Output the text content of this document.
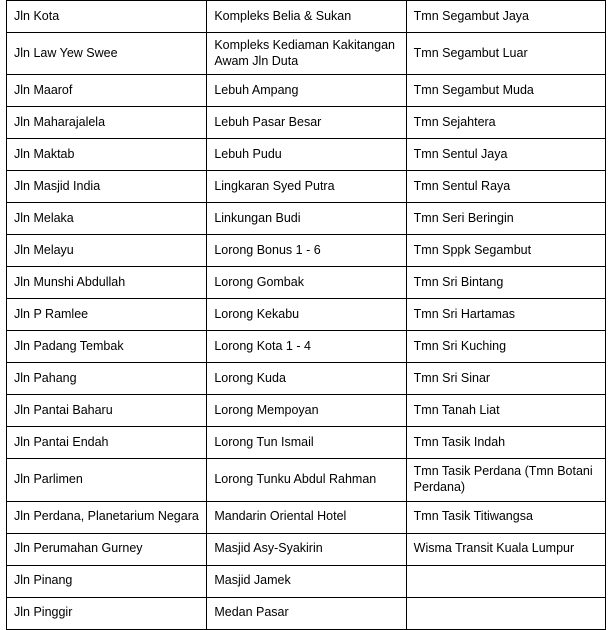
Jln Kota	Kompleks Belia & Sukan	Tmn Segambut Jaya
Jln Law Yew Swee	Kompleks Kediaman Kakitangan Awam Jln Duta	Tmn Segambut Luar
Jln Maarof	Lebuh Ampang	Tmn Segambut Muda
Jln Maharajalela	Lebuh Pasar Besar	Tmn Sejahtera
Jln Maktab	Lebuh Pudu	Tmn Sentul Jaya
Jln Masjid India	Lingkaran Syed Putra	Tmn Sentul Raya
Jln Melaka	Linkungan Budi	Tmn Seri Beringin
Jln Melayu	Lorong Bonus 1 - 6	Tmn Sppk Segambut
Jln Munshi Abdullah	Lorong Gombak	Tmn Sri Bintang
Jln P Ramlee	Lorong Kekabu	Tmn Sri Hartamas
Jln Padang Tembak	Lorong Kota 1 - 4	Tmn Sri Kuching
Jln Pahang	Lorong Kuda	Tmn Sri Sinar
Jln Pantai Baharu	Lorong Mempoyan	Tmn Tanah Liat
Jln Pantai Endah	Lorong Tun Ismail	Tmn Tasik Indah
Jln Parlimen	Lorong Tunku Abdul Rahman	Tmn Tasik Perdana (Tmn Botani Perdana)
Jln Perdana, Planetarium Negara	Mandarin Oriental Hotel	Tmn Tasik Titiwangsa
Jln Perumahan Gurney	Masjid Asy-Syakirin	Wisma Transit Kuala Lumpur
Jln Pinang	Masjid Jamek	
Jln Pinggir	Medan Pasar	
